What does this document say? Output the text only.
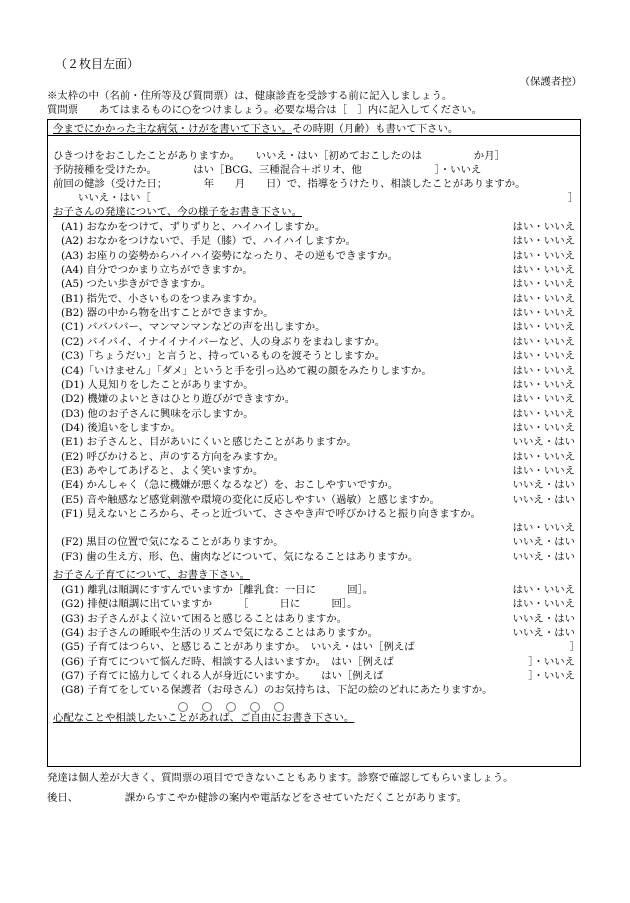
（２枚目左面）
（保護者控）
※太枠の中（名前・住所等及び質問票）は、健康診査を受診する前に記入しましょう。
質問票　　あてはまるものに○をつけましょう。必要な場合は［　］内に記入してください。
今までにかかった主な病気・けがを書いて下さい。その時期（月齢）も書いて下さい。
ひきつけをおこしたことがありますか。　　いいえ・はい［初めておこしたのは　　　　　か月］
予防接種を受けたか。　　　　はい［BCG、三種混合＋ポリオ、他　　　　　　　］・いいえ
前回の健診（受けた日；　　　　年　　月　　日）で、指導をうけたり、相談したことがありますか。
いいえ・はい［	］
お子さんの発達について、今の様子をお書き下さい。
(A1) おなかをつけて、ずりずりと、ハイハイしますか。	はい・いいえ
(A2) おなかをつけないで、手足（膝）で、ハイハイしますか。	はい・いいえ
(A3) お座りの姿勢からハイハイ姿勢になったり、その逆もできますか。	はい・いいえ
(A4) 自分でつかまり立ちができますか。	はい・いいえ
(A5) つたい歩きができますか。	はい・いいえ
(B1) 指先で、小さいものをつまみますか。	はい・いいえ
(B2) 器の中から物を出すことができますか。	はい・いいえ
(C1) ババババー、マンマンマンなどの声を出しますか。	はい・いいえ
(C2) バイバイ、イナイイナイバーなど、人の身ぶりをまねしますか。	はい・いいえ
(C3)「ちょうだい」と言うと、持っているものを渡そうとしますか。	はい・いいえ
(C4)「いけません」「ダメ」というと手を引っ込めて親の顔をみたりしますか。	はい・いいえ
(D1) 人見知りをしたことがありますか。	はい・いいえ
(D2) 機嫌のよいときはひとり遊びができますか。	はい・いいえ
(D3) 他のお子さんに興味を示しますか。	はい・いいえ
(D4) 後追いをしますか。	はい・いいえ
(E1) お子さんと、目があいにくいと感じたことがありますか。	いいえ・はい
(E2) 呼びかけると、声のする方向をみますか。	はい・いいえ
(E3) あやしてあげると、よく笑いますか。	はい・いいえ
(E4) かんしゃく（急に機嫌が悪くなるなど）を、おこしやすいですか。	いいえ・はい
(E5) 音や触感など感覚刺激や環境の変化に反応しやすい（過敏）と感じますか。	いいえ・はい
(F1) 見えないところから、そっと近づいて、ささやき声で呼びかけると振り向きますか。
はい・いいえ
(F2) 黒目の位置で気になることがありますか。	いいえ・はい
(F3) 歯の生え方、形、色、歯肉などについて、気になることはありますか。	いいえ・はい
お子さん子育てについて、お書き下さい。
(G1) 離乳は順調にすすんでいますか［離乳食：一日に　　　回］。	はい・いいえ
(G2) 排便は順調に出ていますか　　　［　　　日に　　　回］。	はい・いいえ
(G3) お子さんがよく泣いて困ると感じることはありますか。	いいえ・はい
(G4) お子さんの睡眠や生活のリズムで気になることはありますか。	いいえ・はい
(G5) 子育てはつらい、と感じることがありますか。　いいえ・はい［例えば	］
(G6) 子育てについて悩んだ時、相談する人はいますか。　はい［例えば	］・いいえ
(G7) 子育てに協力してくれる人が身近にいますか。　　はい［例えば	］・いいえ
(G8) 子育てをしている保護者（お母さん）のお気持ちは、下記の絵のどれにあたりますか。
心配なことや相談したいことがあれば、ご自由にお書き下さい。
発達は個人差が大きく、質問票の項目でできないこともあります。診察で確認してもらいましょう。
後日、　　　　　課からすこやか健診の案内や電話などをさせていただくことがあります。
